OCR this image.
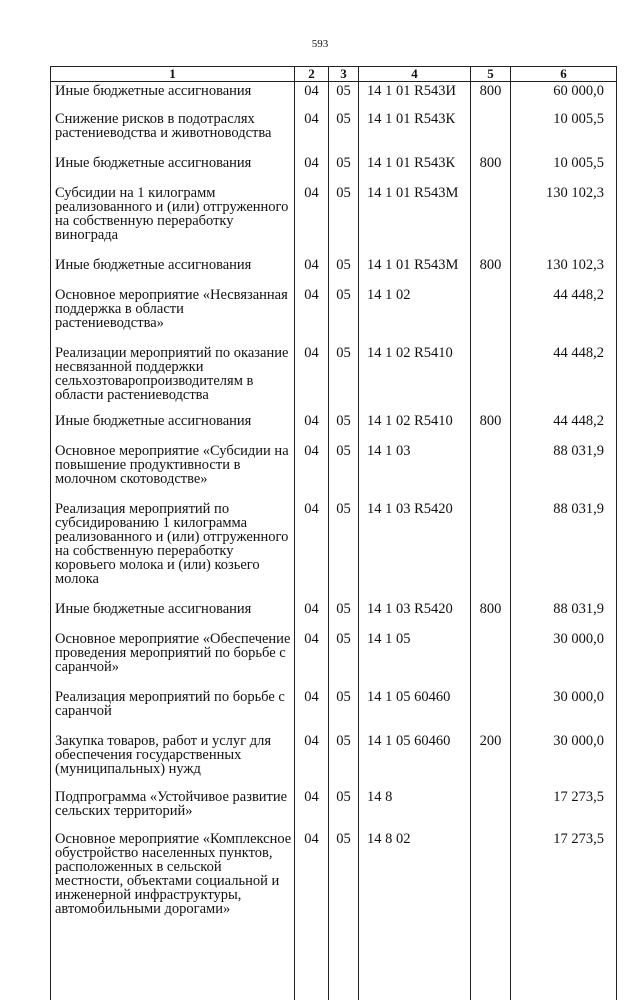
593
1	2	3	4	5	6
Иные бюджетные ассигнования	04	05	14 1 01 R543И	800	60 000,0
Снижение рисков в подотраслях растениеводства и животноводства	04	05	14 1 01 R543К		10 005,5
Иные бюджетные ассигнования	04	05	14 1 01 R543К	800	10 005,5
Субсидии на 1 килограмм реализованного и (или) отгруженного на собственную переработку винограда	04	05	14 1 01 R543М		130 102,3
Иные бюджетные ассигнования	04	05	14 1 01 R543М	800	130 102,3
Основное мероприятие «Несвязанная поддержка в области растениеводства»	04	05	14 1 02		44 448,2
Реализации мероприятий по оказание несвязанной поддержки сельхозтоваропроизводителям в области растениеводства	04	05	14 1 02 R5410		44 448,2
Иные бюджетные ассигнования	04	05	14 1 02 R5410	800	44 448,2
Основное мероприятие «Субсидии на повышение продуктивности в молочном скотоводстве»	04	05	14 1 03		88 031,9
Реализация мероприятий по субсидированию 1 килограмма реализованного и (или) отгруженного на собственную переработку коровьего молока и (или) козьего молока	04	05	14 1 03 R5420		88 031,9
Иные бюджетные ассигнования	04	05	14 1 03 R5420	800	88 031,9
Основное мероприятие «Обеспечение проведения мероприятий по борьбе с саранчой»	04	05	14 1 05		30 000,0
Реализация мероприятий по борьбе с саранчой	04	05	14 1 05 60460		30 000,0
Закупка товаров, работ и услуг для обеспечения государственных (муниципальных) нужд	04	05	14 1 05 60460	200	30 000,0
Подпрограмма «Устойчивое развитие сельских территорий»	04	05	14 8		17 273,5
Основное мероприятие «Комплексное обустройство населенных пунктов, расположенных в сельской местности, объектами социальной и инженерной инфраструктуры, автомобильными дорогами»	04	05	14 8 02		17 273,5
